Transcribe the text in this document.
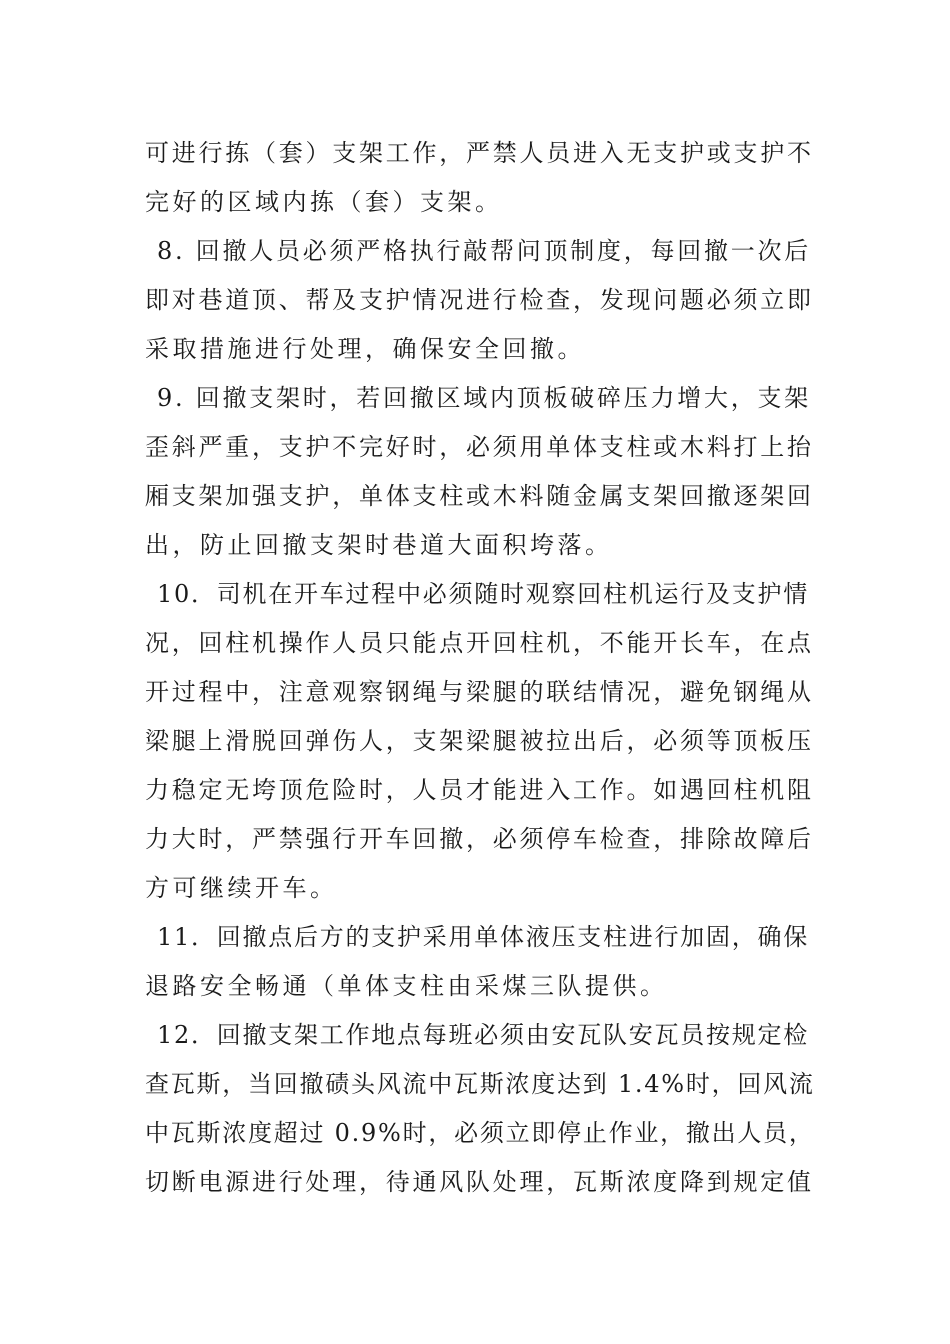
可进行拣（套）支架工作，严禁人员进入无支护或支护不
完好的区域内拣（套）支架。
8. 回撤人员必须严格执行敲帮问顶制度，每回撤一次后
即对巷道顶、帮及支护情况进行检查，发现问题必须立即
采取措施进行处理，确保安全回撤。
9. 回撤支架时，若回撤区域内顶板破碎压力增大，支架
歪斜严重，支护不完好时，必须用单体支柱或木料打上抬
厢支架加强支护，单体支柱或木料随金属支架回撤逐架回
出，防止回撤支架时巷道大面积垮落。
10．司机在开车过程中必须随时观察回柱机运行及支护情
况，回柱机操作人员只能点开回柱机，不能开长车，在点
开过程中，注意观察钢绳与梁腿的联结情况，避免钢绳从
梁腿上滑脱回弹伤人，支架梁腿被拉出后，必须等顶板压
力稳定无垮顶危险时，人员才能进入工作。如遇回柱机阻
力大时，严禁强行开车回撤，必须停车检查，排除故障后
方可继续开车。
11．回撤点后方的支护采用单体液压支柱进行加固，确保
退路安全畅通（单体支柱由采煤三队提供。
12．回撤支架工作地点每班必须由安瓦队安瓦员按规定检
查瓦斯，当回撤碛头风流中瓦斯浓度达到 1.4%时，回风流
中瓦斯浓度超过 0.9%时，必须立即停止作业，撤出人员，
切断电源进行处理，待通风队处理，瓦斯浓度降到规定值
